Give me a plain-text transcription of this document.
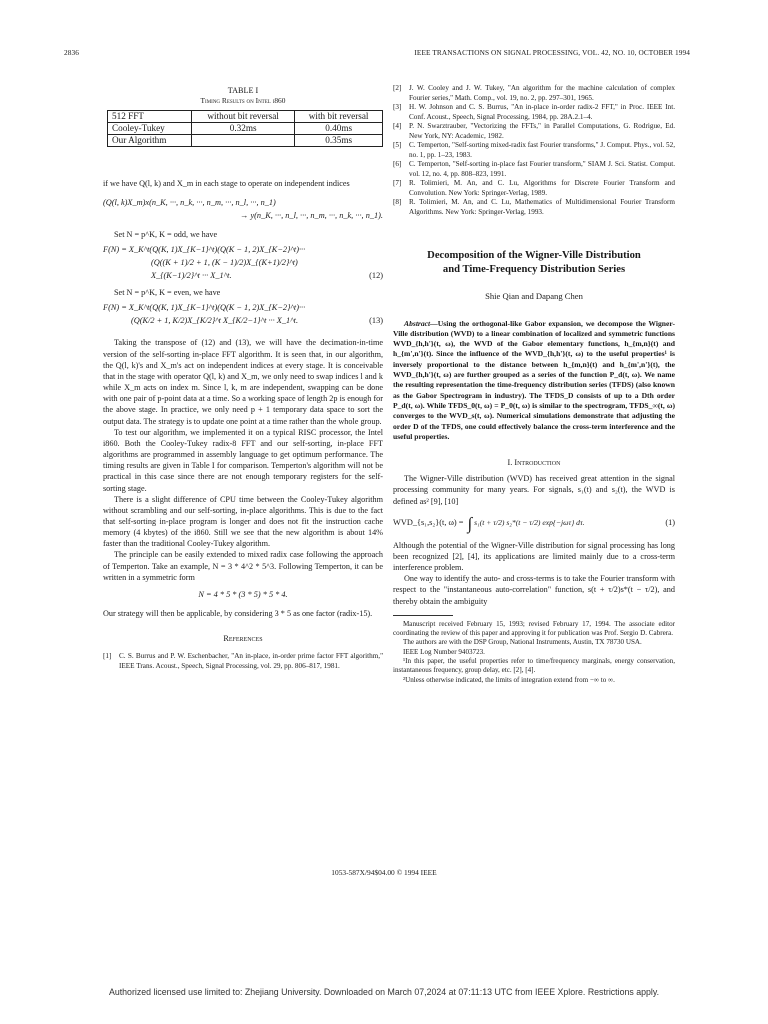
2836	IEEE TRANSACTIONS ON SIGNAL PROCESSING, VOL. 42, NO. 10, OCTOBER 1994
TABLE I
Timing Results on Intel i860
512 FFT	without bit reversal	with bit reversal
Cooley-Tukey	0.32ms	0.40ms
Our Algorithm		0.35ms

if we have Q(l, k) and X_m in each stage to operate on independent indices

(Q(l, k)X_m)x(n_K, ···, n_k, ···, n_m, ···, n_l, ···, n_1)
→ y(n_K, ···, n_l, ···, n_m, ···, n_k, ···, n_1).

Set N = p^K, K = odd, we have

F(N) = X_K^t(Q(K, 1)X_{K−1}^t)(Q(K − 1, 2)X_{K−2}^t)···
(Q((K + 1)/2 + 1, (K − 1)/2)X_{(K+1)/2}^t)
X_{(K−1)/2}^t ··· X_1^t.	(12)

Set N = p^K, K = even, we have

F(N) = X_K^t(Q(K, 1)X_{K−1}^t)(Q(K − 1, 2)X_{K−2}^t)···
(Q(K/2 + 1, K/2)X_{K/2}^t X_{K/2−1}^t ··· X_1^t.	(13)

Taking the transpose of (12) and (13), we will have the decimation-in-time version of the self-sorting in-place FFT algorithm. It is seen that, in our algorithm, the Q(l, k)'s and X_m's act on independent indices at every stage. It is conceivable that in the stage with operator Q(l, k) and X_m, we only need to swap indices l and k while X_m acts on index m. Since l, k, m are independent, swapping can be done with one pair of p-point data at a time. So a working space of length 2p is enough for the above stage. In practice, we only need p + 1 temporary data space to sort the output data. The strategy is to update one point at a time rather than the whole group.

To test our algorithm, we implemented it on a typical RISC processor, the Intel i860. Both the Cooley-Tukey radix-8 FFT and our self-sorting, in-place FFT algorithms are programmed in assembly language to get optimum performance. The timing results are given in Table I for comparison. Temperton's algorithm will not be practical in this case since there are not enough temporary registers for the self-sorting stage.

There is a slight difference of CPU time between the Cooley-Tukey algorithm without scrambling and our self-sorting, in-place algorithms. This is due to the fact that self-sorting in-place program is longer and does not fit the instruction cache memory (4 kbytes) of the i860. Still we see that the new algorithm is about 14% faster than the traditional Cooley-Tukey algorithm.

The principle can be easily extended to mixed radix case following the approach of Temperton. Take an example, N = 3 * 4^2 * 5^3. Following Temperton, it can be written in a symmetric form

N = 4 * 5 * (3 * 5) * 5 * 4.

Our strategy will then be applicable, by considering 3 * 5 as one factor (radix-15).

References
[1] C. S. Burrus and P. W. Eschenbacher, "An in-place, in-order prime factor FFT algorithm," IEEE Trans. Acoust., Speech, Signal Processing, vol. 29, pp. 806–817, 1981.
[2] J. W. Cooley and J. W. Tukey, "An algorithm for the machine calculation of complex Fourier series," Math. Comp., vol. 19, no. 2, pp. 297–301, 1965.
[3] H. W. Johnson and C. S. Burrus, "An in-place in-order radix-2 FFT," in Proc. IEEE Int. Conf. Acoust., Speech, Signal Processing, 1984, pp. 28A.2.1–4.
[4] P. N. Swarztrauber, "Vectorizing the FFTs," in Parallel Computations, G. Rodrigue, Ed. New York, NY: Academic, 1982.
[5] C. Temperton, "Self-sorting mixed-radix fast Fourier transforms," J. Comput. Phys., vol. 52, no. 1, pp. 1–23, 1983.
[6] C. Temperton, "Self-sorting in-place fast Fourier transform," SIAM J. Sci. Statist. Comput. vol. 12, no. 4, pp. 808–823, 1991.
[7] R. Tolimieri, M. An, and C. Lu, Algorithms for Discrete Fourier Transform and Convolution. New York: Springer-Verlag, 1989.
[8] R. Tolimieri, M. An, and C. Lu, Mathematics of Multidimensional Fourier Transform Algorithms. New York: Springer-Verlag, 1993.
Decomposition of the Wigner-Ville Distribution
and Time-Frequency Distribution Series
Shie Qian and Dapang Chen
Abstract—Using the orthogonal-like Gabor expansion, we decompose the Wigner-Ville distribution (WVD) to a linear combination of localized and symmetric functions WVD_{h,h'}(t, ω), the WVD of the Gabor elementary functions, h_{m,n}(t) and h_{m',n'}(t). Since the influence of the WVD_{h,h'}(t, ω) to the useful properties¹ is inversely proportional to the distance between h_{m,n}(t) and h_{m',n'}(t), the WVD_{h,h'}(t, ω) are further grouped as a series of the function P_d(t, ω). We name the resulting representation the time-frequency distribution series (TFDS) (also known as the Gabor Spectrogram in industry). The TFDS_D consists of up to a Dth order P_d(t, ω). While TFDS_0(t, ω) = P_0(t, ω) is similar to the spectrogram, TFDS_∞(t, ω) converges to the WVD_s(t, ω). Numerical simulations demonstrate that adjusting the order D of the TFDS, one could effectively balance the cross-term interference and the useful properties.
I. Introduction

The Wigner-Ville distribution (WVD) has received great attention in the signal processing community for many years. For signals, s₁(t) and s₂(t), the WVD is defined as² [9], [10]

WVD_{s₁,s₂}(t, ω) = ∫ s₁(t + τ/2) s₂*(t − τ/2) exp{−jωτ} dτ.	(1)

Although the potential of the Wigner-Ville distribution for signal processing has long been recognized [2], [4], its applications are limited mainly due to a cross-term interference problem.

One way to identify the auto- and cross-terms is to take the Fourier transform with respect to the "instantaneous auto-correlation" function, s(t + τ/2)s*(t − τ/2), and thereby obtain the ambiguity

Manuscript received February 15, 1993; revised February 17, 1994. The associate editor coordinating the review of this paper and approving it for publication was Prof. Sergio D. Cabrera.

The authors are with the DSP Group, National Instruments, Austin, TX 78730 USA.

IEEE Log Number 9403723.

¹In this paper, the useful properties refer to time/frequency marginals, energy conservation, instantaneous frequency, group delay, etc. [2], [4].

²Unless otherwise indicated, the limits of integration extend from −∞ to ∞.

1053-587X/94$04.00 © 1994 IEEE
Authorized licensed use limited to: Zhejiang University. Downloaded on March 07,2024 at 07:11:13 UTC from IEEE Xplore. Restrictions apply.
